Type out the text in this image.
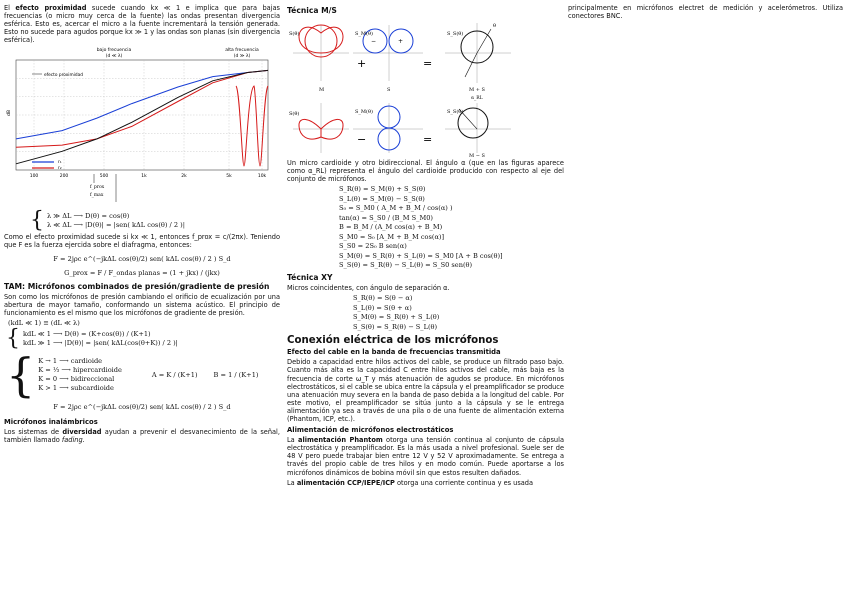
El efecto proximidad sucede cuando kx ≪ 1 e implica que para bajas frecuencias (o micro muy cerca de la fuente) las ondas presentan divergencia esférica. Esto es, acercar el micro a la fuente incrementará la tensión generada. Esto no sucede para agudos porque kx ≫ 1 y las ondas son planas (sin divergencia esférica).

100	200	500	1k	2k	5k	10k
bajo frecuencia
(d ≪ λ)
alta frecuencia
(d ≫ λ)
efecto proximidad
dB
r₁
r₂
f_prox
f_max
{ λ ≫ ΔL ⟶ D(θ) = cos(θ)
λ ≪ ΔL ⟶ |D(θ)| = |sen( kΔL cos(θ) / 2 )|

Como el efecto proximidad sucede si kx ≪ 1, entonces f_prox = c/(2πx). Teniendo que F es la fuerza ejercida sobre el diafragma, entonces:

F = 2jρc e^(−jkΔL cos(θ)/2) sen( kΔL cos(θ) / 2 ) S_d
G_prox = F / F_ondas planas = (1 + jkx) / (jkx)
TAM: Micrófonos combinados de presión/gradiente de presión

Son como los micrófonos de presión cambiando el orificio de ecualización por una abertura de mayor tamaño, conformando un sistema acústico. El principio de funcionamiento es el mismo que los micrófonos de gradiente de presión.

(kdL ≪ 1) ≡ (dL ≪ λ)
{ kdL ≪ 1 ⟶ D(θ) = (K+cos(θ)) / (K+1)
kdL ≫ 1 ⟶ |D(θ)| = |sen( kΔL(cos(θ+K)) / 2 )|
{ K → 1 ⟶ cardioide
K = ⅓ ⟶ hipercardioide
K = 0 ⟶ bidireccional
K > 1 ⟶ subcardioide
A = K / (K+1) B = 1 / (K+1)
F = 2jρc e^(−jkΔL cos(θ)/2) sen( kΔL cos(θ) / 2 ) S_d
Micrófonos inalámbricos

Los sistemas de diversidad ayudan a prevenir el desvanecimiento de la señal, también llamado fading.

Técnica M/S
S(θ)
M
−	+
S_M(θ)
+
S
=
S_S(θ)
θ
M + S
α_RL
S(θ)	S_M(θ)
−	=
S_S(θ)
M − S

Un micro cardioide y otro bidireccional. El ángulo α (que en las figuras aparece como α_RL) representa el ángulo del cardioide producido con respecto al eje del conjunto de micrófonos.

S_R(θ) = S_M(θ) + S_S(θ)
S_L(θ) = S_M(θ) − S_S(θ)
S₀ = S_M0 ( A_M + B_M / cos(α) )
tan(α) = S_S0 / (B_M S_M0)
B = B_M / (A_M cos(α) + B_M)
S_M0 = S₀ [A_M + B_M cos(α)]
S_S0 = 2S₀ B sen(α)
S_M(θ) = S_R(θ) + S_L(θ) = S_M0 [A + B cos(θ)]
S_S(θ) = S_R(θ) − S_L(θ) = S_S0 sen(θ)
Técnica XY

Micros coincidentes, con ángulo de separación α.

S_R(θ) = S(θ − α)
S_L(θ) = S(θ + α)
S_M(θ) = S_R(θ) + S_L(θ)
S_S(θ) = S_R(θ) − S_L(θ)
Conexión eléctrica de los micrófonos
Efecto del cable en la banda de frecuencias transmitida

Debido a capacidad entre hilos activos del cable, se produce un filtrado paso bajo. Cuanto más alta es la capacidad C entre hilos activos del cable, más baja es la frecuencia de corte ω_T y más atenuación de agudos se produce. En micrófonos electrostáticos, si el cable se ubica entre la cápsula y el preamplificador se produce una atenuación muy severa en la banda de paso debida a la longitud del cable. Por este motivo, el preamplificador se sitúa junto a la cápsula y se le entrega alimentación ya sea a través de una pila o de una fuente de alimentación externa (Phantom, ICP, etc.).

Alimentación de micrófonos electrostáticos

La alimentación Phantom otorga una tensión continua al conjunto de cápsula electrostática y preamplificador. Es la más usada a nivel profesional. Suele ser de 48 V pero puede trabajar bien entre 12 V y 52 V aproximadamente. Se entrega a través del propio cable de tres hilos y en modo común. Puede aportarse a los micrófonos dinámicos de bobina móvil sin que estos resulten dañados.

La alimentación CCP/IEPE/ICP otorga una corriente continua y es usada

principalmente en micrófonos electret de medición y acelerómetros. Utiliza conectores BNC.
